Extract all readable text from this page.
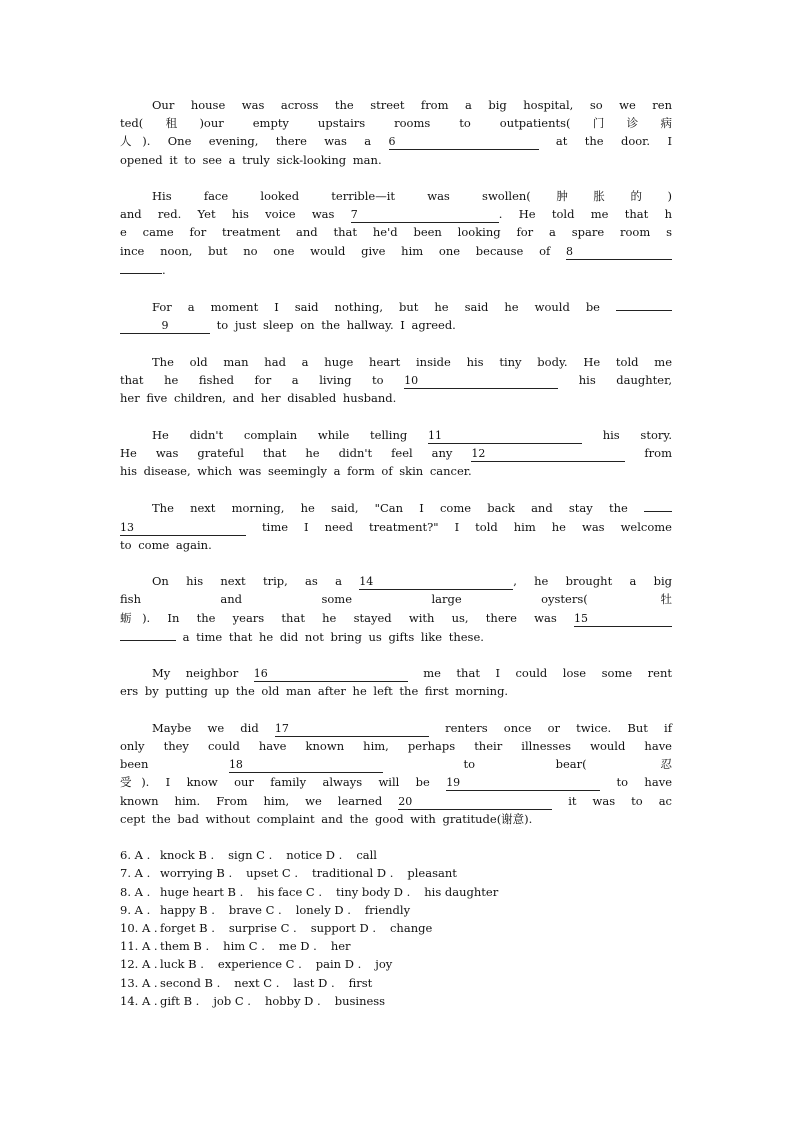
Our house was across the street from a big hospital, so we ren
ted(租)our empty upstairs rooms to outpatients(门诊病
人). One evening, there was a 6	at the door. I
opened it to see a truly sick-looking man.
His face looked terrible—it was swollen(肿胀的)
and red. Yet his voice was 7	. He told me that h
e came for treatment and that he'd been looking for a spare room s
ince noon, but no one would give him one because of 8
.
For a moment I said nothing, but he said he would be
9	to just sleep on the hallway. I agreed.
The old man had a huge heart inside his tiny body. He told me
that he fished for a living to 10	his daughter,
her five children, and her disabled husband.
He didn't complain while telling 11	his story.
He was grateful that he didn't feel any 12	from
his disease, which was seemingly a form of skin cancer.
The next morning, he said, "Can I come back and stay the
13	time I need treatment?" I told him he was welcome
to come again.
On his next trip, as a 14	, he brought a big
fish and some large oysters(牡
蛎). In the years that he stayed with us, there was 15
a time that he did not bring us gifts like these.
My neighbor 16	me that I could lose some rent
ers by putting up the old man after he left the first morning.
Maybe we did 17	renters once or twice. But if
only they could have known him, perhaps their illnesses would have
been 18	to bear(忍
受). I know our family always will be 19	to have
known him. From him, we learned 20	it was to ac
cept the bad without complaint and the good with gratitude(谢意).
6. A . knock B . sign C . notice D . call
7. A . worrying B . upset C . traditional D . pleasant
8. A . huge heart B . his face C . tiny body D . his daughter
9. A . happy B . brave C . lonely D . friendly
10. A . forget B . surprise C . support D . change
11. A . them B . him C . me D . her
12. A . luck B . experience C . pain D . joy
13. A . second B . next C . last D . first
14. A . gift B . job C . hobby D . business
